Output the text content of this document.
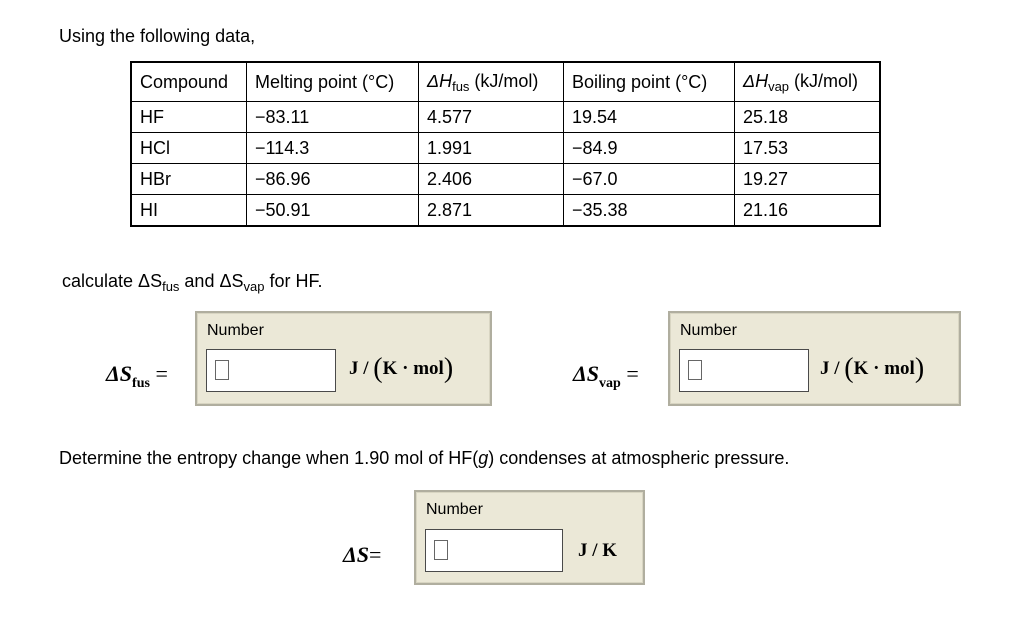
Using the following data,
Compound	Melting point (°C)	$\Delta H_{fus}$ (kJ/mol)	Boiling point (°C)	$\Delta H_{vap}$ (kJ/mol)
HF	−83.11	4.577	19.54	25.18
HCl	−114.3	1.991	−84.9	17.53
HBr	−86.96	2.406	−67.0	19.27
HI	−50.91	2.871	−35.38	21.16
calculate $\Delta S_{fus}$ and $\Delta S_{vap}$ for HF.
$\Delta S_{fus}$ =
Number
J / (K · mol)	$\Delta S_{vap}$ =
Number
J / (K · mol)
Determine the entropy change when 1.90 mol of HF(g) condenses at atmospheric pressure.
ΔS=
Number
J / K
